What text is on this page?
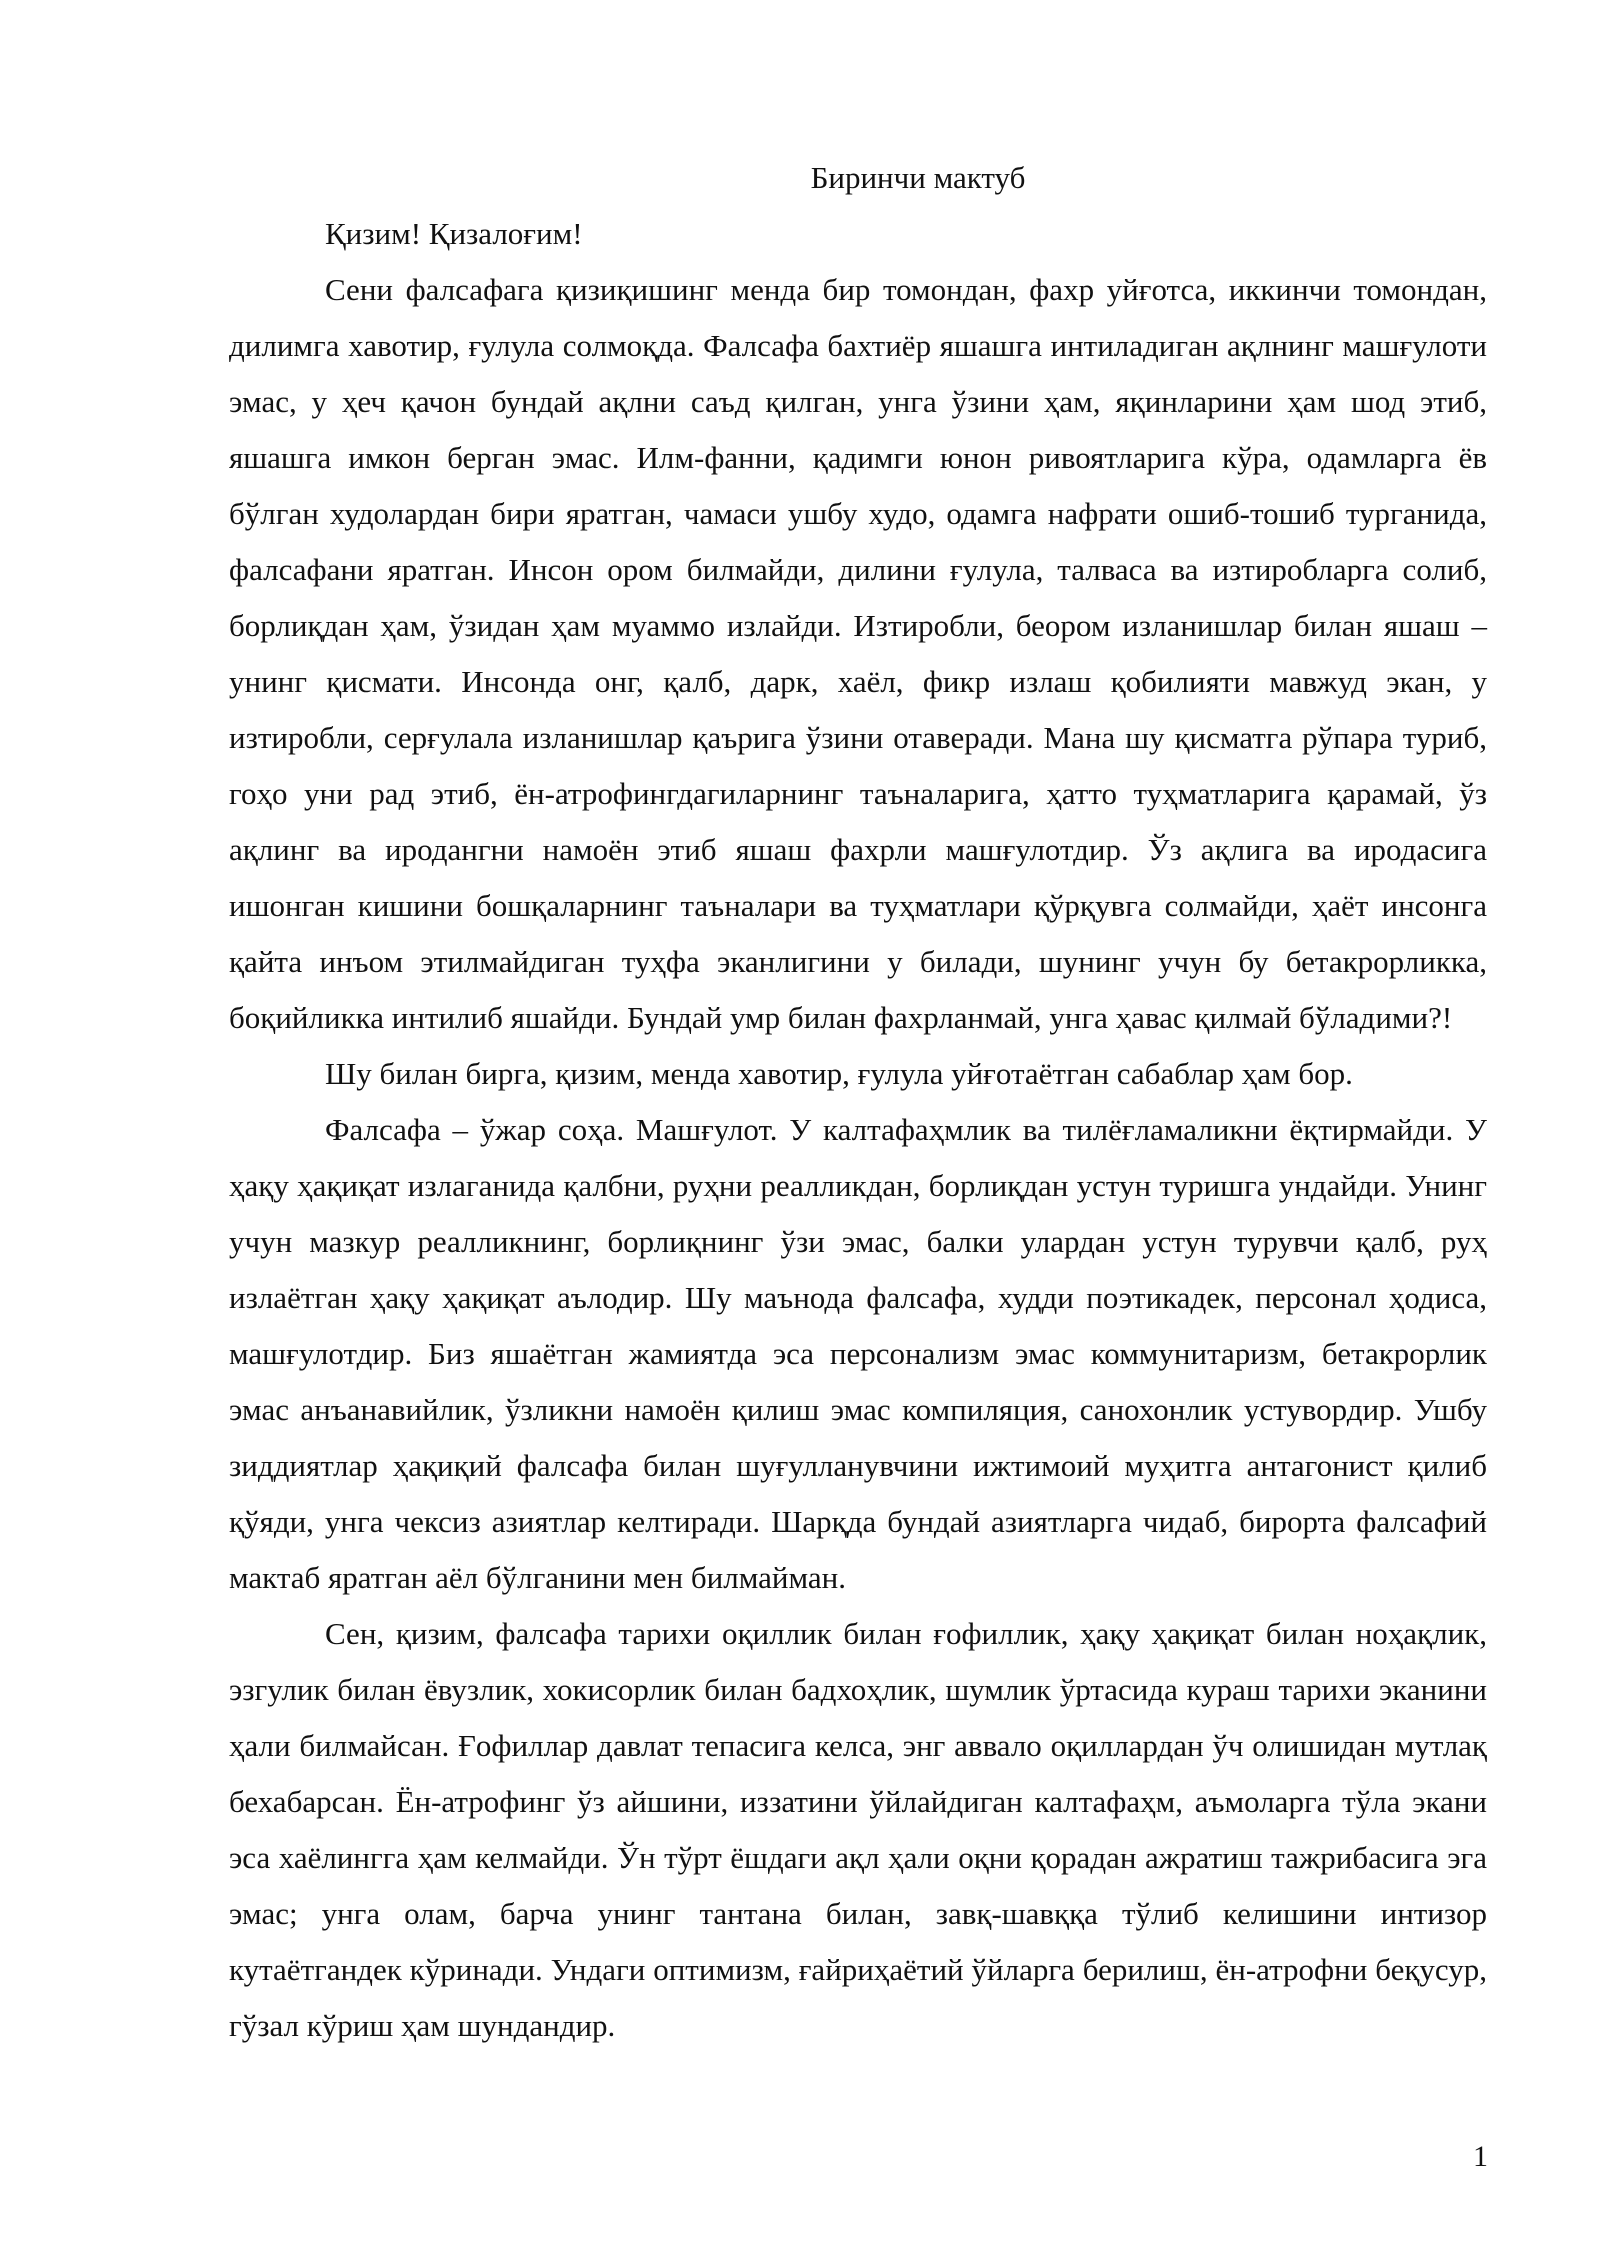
Биринчи мактуб

Қизим! Қизалоғим!

Сени фалсафага қизиқишинг менда бир томондан, фахр уйғотса, иккинчи томондан, дилимга хавотир, ғулула солмоқда. Фалсафа бахтиёр яшашга интиладиган ақлнинг машғулоти эмас, у ҳеч қачон бундай ақлни саъд қилган, унга ўзини ҳам, яқинларини ҳам шод этиб, яшашга имкон берган эмас. Илм-фанни, қадимги юнон ривоятларига кўра, одамларга ёв бўлган худолардан бири яратган, чамаси ушбу худо, одамга нафрати ошиб-тошиб турганида, фалсафани яратган. Инсон ором билмайди, дилини ғулула, талваса ва изтиробларга солиб, борлиқдан ҳам, ўзидан ҳам муаммо излайди. Изтиробли, беором изланишлар билан яшаш – унинг қисмати. Инсонда онг, қалб, дарк, хаёл, фикр излаш қобилияти мавжуд экан, у изтиробли, серғулала изланишлар қаърига ўзини отаверади. Мана шу қисматга рўпара туриб, гоҳо уни рад этиб, ён-атрофингдагиларнинг таъналарига, ҳатто туҳматларига қарамай, ўз ақлинг ва иродангни намоён этиб яшаш фахрли машғулотдир. Ўз ақлига ва иродасига ишонган кишини бошқаларнинг таъналари ва туҳматлари қўрқувга солмайди, ҳаёт инсонга қайта инъом этилмайдиган туҳфа эканлигини у билади, шунинг учун бу бетакрорликка, боқийликка интилиб яшайди. Бундай умр билан фахрланмай, унга ҳавас қилмай бўладими?!

Шу билан бирга, қизим, менда хавотир, ғулула уйғотаётган сабаблар ҳам бор.

Фалсафа – ўжар соҳа. Машғулот. У калтафаҳмлик ва тилёғламаликни ёқтирмайди. У ҳақу ҳақиқат излаганида қалбни, руҳни реалликдан, борлиқдан устун туришга ундайди. Унинг учун мазкур реалликнинг, борлиқнинг ўзи эмас, балки улардан устун турувчи қалб, руҳ излаётган ҳақу ҳақиқат аълодир. Шу маънода фалсафа, худди поэтикадек, персонал ҳодиса, машғулотдир. Биз яшаётган жамиятда эса персонализм эмас коммунитаризм, бетакрорлик эмас анъанавийлик, ўзликни намоён қилиш эмас компиляция, санохонлик устувордир. Ушбу зиддиятлар ҳақиқий фалсафа билан шуғулланувчини ижтимоий муҳитга антагонист қилиб қўяди, унга чексиз азиятлар келтиради. Шарқда бундай азиятларга чидаб, бирорта фалсафий мактаб яратган аёл бўлганини мен билмайман.

Сен, қизим, фалсафа тарихи оқиллик билан ғофиллик, ҳақу ҳақиқат билан ноҳақлик, эзгулик билан ёвузлик, хокисорлик билан бадхоҳлик, шумлик ўртасида кураш тарихи эканини ҳали билмайсан. Ғофиллар давлат тепасига келса, энг аввало оқиллардан ўч олишидан мутлақ бехабарсан. Ён-атрофинг ўз айшини, иззатини ўйлайдиган калтафаҳм, аъмоларга тўла экани эса хаёлингга ҳам келмайди. Ўн тўрт ёшдаги ақл ҳали оқни қорадан ажратиш тажрибасига эга эмас; унга олам, барча унинг тантана билан, завқ-шавққа тўлиб келишини интизор кутаётгандек кўринади. Ундаги оптимизм, ғайриҳаётий ўйларга берилиш, ён-атрофни беқусур, гўзал кўриш ҳам шундандир.

1
